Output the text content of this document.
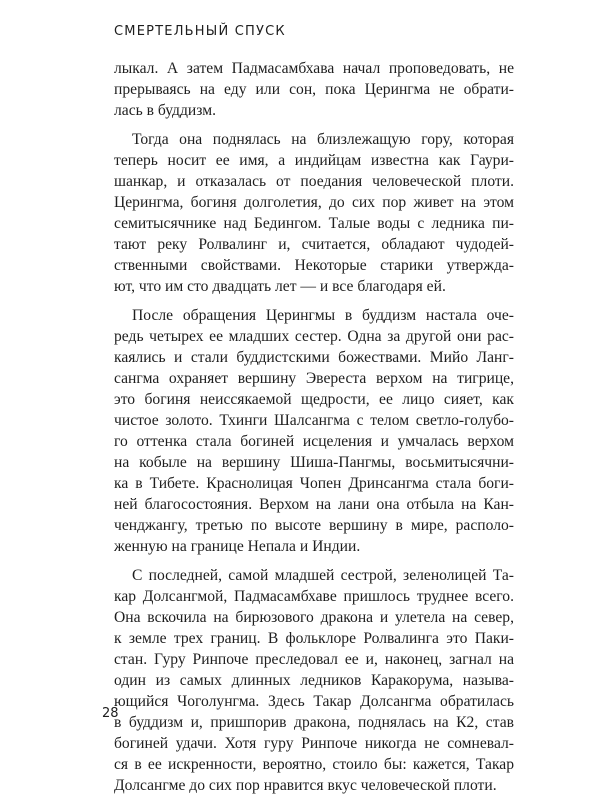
СМЕРТЕЛЬНЫЙ СПУСК
лыкал. А затем Падмасамбхава начал проповедовать, не
прерываясь на еду или сон, пока Церингма не обрати-
лась в буддизм.
Тогда она поднялась на близлежащую гору, которая
теперь носит ее имя, а индийцам известна как Гаури-
шанкар, и отказалась от поедания человеческой плоти.
Церингма, богиня долголетия, до сих пор живет на этом
семитысячнике над Бедингом. Талые воды с ледника пи-
тают реку Ролвалинг и, считается, обладают чудодей-
ственными свойствами. Некоторые старики утверждa-
ют, что им сто двадцать лет — и все благодаря ей.
После обращения Церингмы в буддизм настала оче-
редь четырех ее младших сестер. Одна за другой они рас-
каялись и стали буддистскими божествами. Мийо Ланг-
сангма охраняет вершину Эвереста верхом на тигрице,
это богиня неиссякаемой щедрости, ее лицо сияет, как
чистое золото. Тхинги Шалсангма с телом светло-голубо-
го оттенка стала богиней исцеления и умчалась верхом
на кобыле на вершину Шиша-Пангмы, восьмитысячни-
ка в Тибете. Краснолицая Чопен Дринсангма стала боги-
ней благосостояния. Верхом на лани она отбыла на Кан-
ченджангу, третью по высоте вершину в мире, располо-
женную на границе Непала и Индии.
С последней, самой младшей сестрой, зеленолицей Та-
кар Долсангмой, Падмасамбхаве пришлось труднее всего.
Она вскочила на бирюзового дракона и улетела на север,
к земле трех границ. В фольклоре Ролвалинга это Паки-
стан. Гуру Ринпоче преследовал ее и, наконец, загнал на
один из самых длинных ледников Каракорума, называ-
ющийся Чоголунгма. Здесь Такар Долсангма обратилась
в буддизм и, пришпорив дракона, поднялась на К2, став
богиней удачи. Хотя гуру Ринпоче никогда не сомневал-
ся в ее искренности, вероятно, стоило бы: кажется, Такар
Долсангме до сих пор нравится вкус человеческой плоти.
28
